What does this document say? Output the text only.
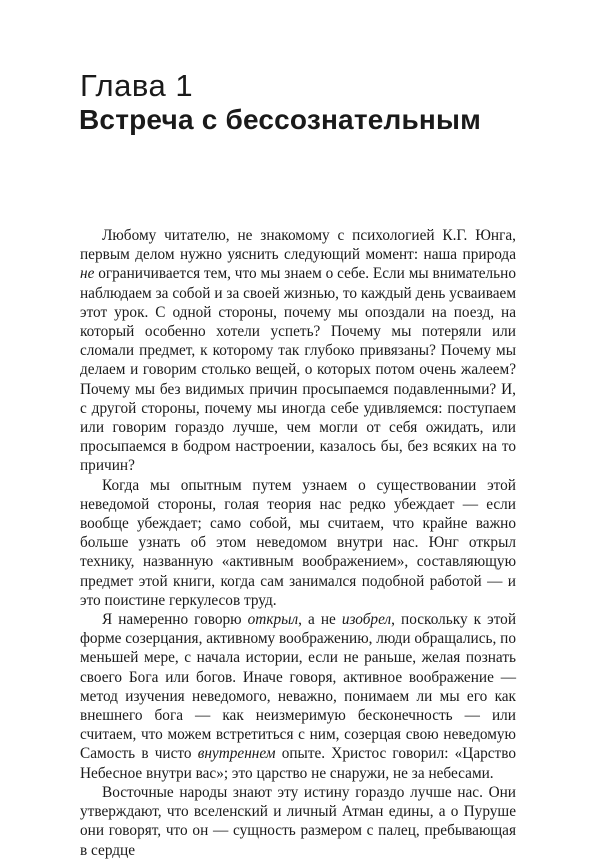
Глава 1
Встреча с бессознательным

Любому читателю, не знакомому с психологией К.Г. Юнга, первым делом нужно уяснить следующий момент: наша природа не ограничивается тем, что мы знаем о себе. Если мы внимательно наблюдаем за собой и за своей жизнью, то каждый день усваиваем этот урок. С одной стороны, почему мы опоздали на поезд, на который особенно хотели успеть? Почему мы потеряли или сломали предмет, к которому так глубоко привязаны? Почему мы делаем и говорим столько вещей, о которых потом очень жалеем? Почему мы без видимых причин просыпаемся подавленными? И, с другой стороны, почему мы иногда себе удивляемся: поступаем или говорим гораздо лучше, чем могли от себя ожидать, или просыпаемся в бодром настроении, казалось бы, без всяких на то причин?

Когда мы опытным путем узнаем о существовании этой неведомой стороны, голая теория нас редко убеждает — если вообще убеждает; само собой, мы считаем, что крайне важно больше узнать об этом неведомом внутри нас. Юнг открыл технику, названную «активным воображением», составляющую предмет этой книги, когда сам занимался подобной работой — и это поистине геркулесов труд.

Я намеренно говорю открыл, а не изобрел, поскольку к этой форме созерцания, активному воображению, люди обращались, по меньшей мере, с начала истории, если не раньше, желая познать своего Бога или богов. Иначе говоря, активное воображение — метод изучения неведомого, неважно, понимаем ли мы его как внешнего бога — как неизмеримую бесконечность — или считаем, что можем встретиться с ним, созерцая свою неведомую Самость в чисто внутреннем опыте. Христос говорил: «Царство Небесное внутри вас»; это царство не снаружи, не за небесами.

Восточные народы знают эту истину гораздо лучше нас. Они утверждают, что вселенский и личный Атман едины, а о Пуруше они говорят, что он — сущность размером с палец, пребывающая в сердце
